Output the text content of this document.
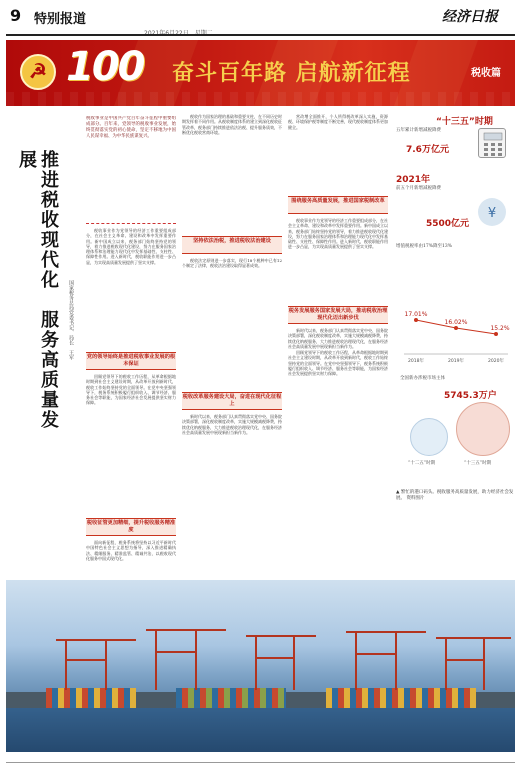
9 特别报道	经济日报
☭ 100 奋斗百年路 启航新征程	税收篇
推进税收现代化　服务高质量发展
国家税务总局党委书记、局长　王军
税收事业是中国共产党百年奋斗征程中重要组成部分。百年来，党领导的税收事业发展，始终贯彻落实党的初心使命，坚定不移地为中国人民谋幸福、为中华民族谋复兴。

税收事业作为党领导的经济工作重要组成部分，在社会主义革命、建设和改革中发挥重要作用。新中国成立以来，税务部门始终坚持党的领导，着力推进税收现代化建设，努力在服务国家治理体系和治理能力现代化中发挥基础性、支柱性、保障性作用。进入新时代，税收职能作用进一步凸显，为实现高质量发展提供了坚实支撑。

党的领导始终是推进税收事业发展的根本保证

回顾党领导下的税收工作历程，从革命根据地时期到社会主义建设时期，从改革开放到新时代，税收工作始终坚持党的全面领导。在党中央坚强领导下，税务系统积极履行组织收入、调节经济、服务社会等职能，为国家经济社会发展提供坚实财力保障。

税收征管更加精细，提升税收服务精准度

面向新征程，税务系统将坚持以习近平新时代中国特色社会主义思想为指导，深入推进精确执法、精细服务、精准监管、精诚共治，以税收现代化服务中国式现代化。

税收作为国家治理的基础和重要支柱，在不同历史时期发挥着不同作用。从税收制度体系的建立到深化税收征管改革，税务部门持续推进依法治税、提升服务质效，不断优化税收营商环境。

坚持依法治税，推进税收法治建设

税收法定原则进一步落实，现行18个税种中已有12个制定了法律，税收法治建设取得显著成效。

税收改革服务建设大局，奋进在现代化征程上

新时代以来，税务部门认真贯彻落实党中央、国务院决策部署，深化税收制度改革，实施大规模减税降费，持续优化纳税服务，大力推进税收治理现代化，在服务经济社会高质量发展中展现新担当新作为。

营改增全面推开，个人所得税改革深入实施，资源税、环境保护税等制度不断完善，现代税收制度体系更加健全。

围绕服务高质量发展，推进国家税制改革

税收事业作为党领导的经济工作重要组成部分，在社会主义革命、建设和改革中发挥重要作用。新中国成立以来，税务部门始终坚持党的领导，着力推进税收现代化建设，努力在服务国家治理体系和治理能力现代化中发挥基础性、支柱性、保障性作用。进入新时代，税收职能作用进一步凸显，为实现高质量发展提供了坚实支撑。

税务发展服务国家发展大局，推动税收治理现代化迈出新步伐

新时代以来，税务部门认真贯彻落实党中央、国务院决策部署，深化税收制度改革，实施大规模减税降费，持续优化纳税服务，大力推进税收治理现代化，在服务经济社会高质量发展中展现新担当新作为。

回顾党领导下的税收工作历程，从革命根据地时期到社会主义建设时期，从改革开放到新时代，税收工作始终坚持党的全面领导。在党中央坚强领导下，税务系统积极履行组织收入、调节经济、服务社会等职能，为国家经济社会发展提供坚实财力保障。

“十三五”时期
五年累计新增减税降费
7.6万亿元
2021年
前五个月新增减税降费
5500亿元
¥
增值税税率由17%降至13%
17.01%
16.02%
15.2%
2018年	2019年	2020年
全国新办涉税市场主体
5745.3万户
“十二五”时期	“十三五”时期
▲ 繁忙的港口码头。税收服务高质量发展，助力经济社会发展。 资料图片
